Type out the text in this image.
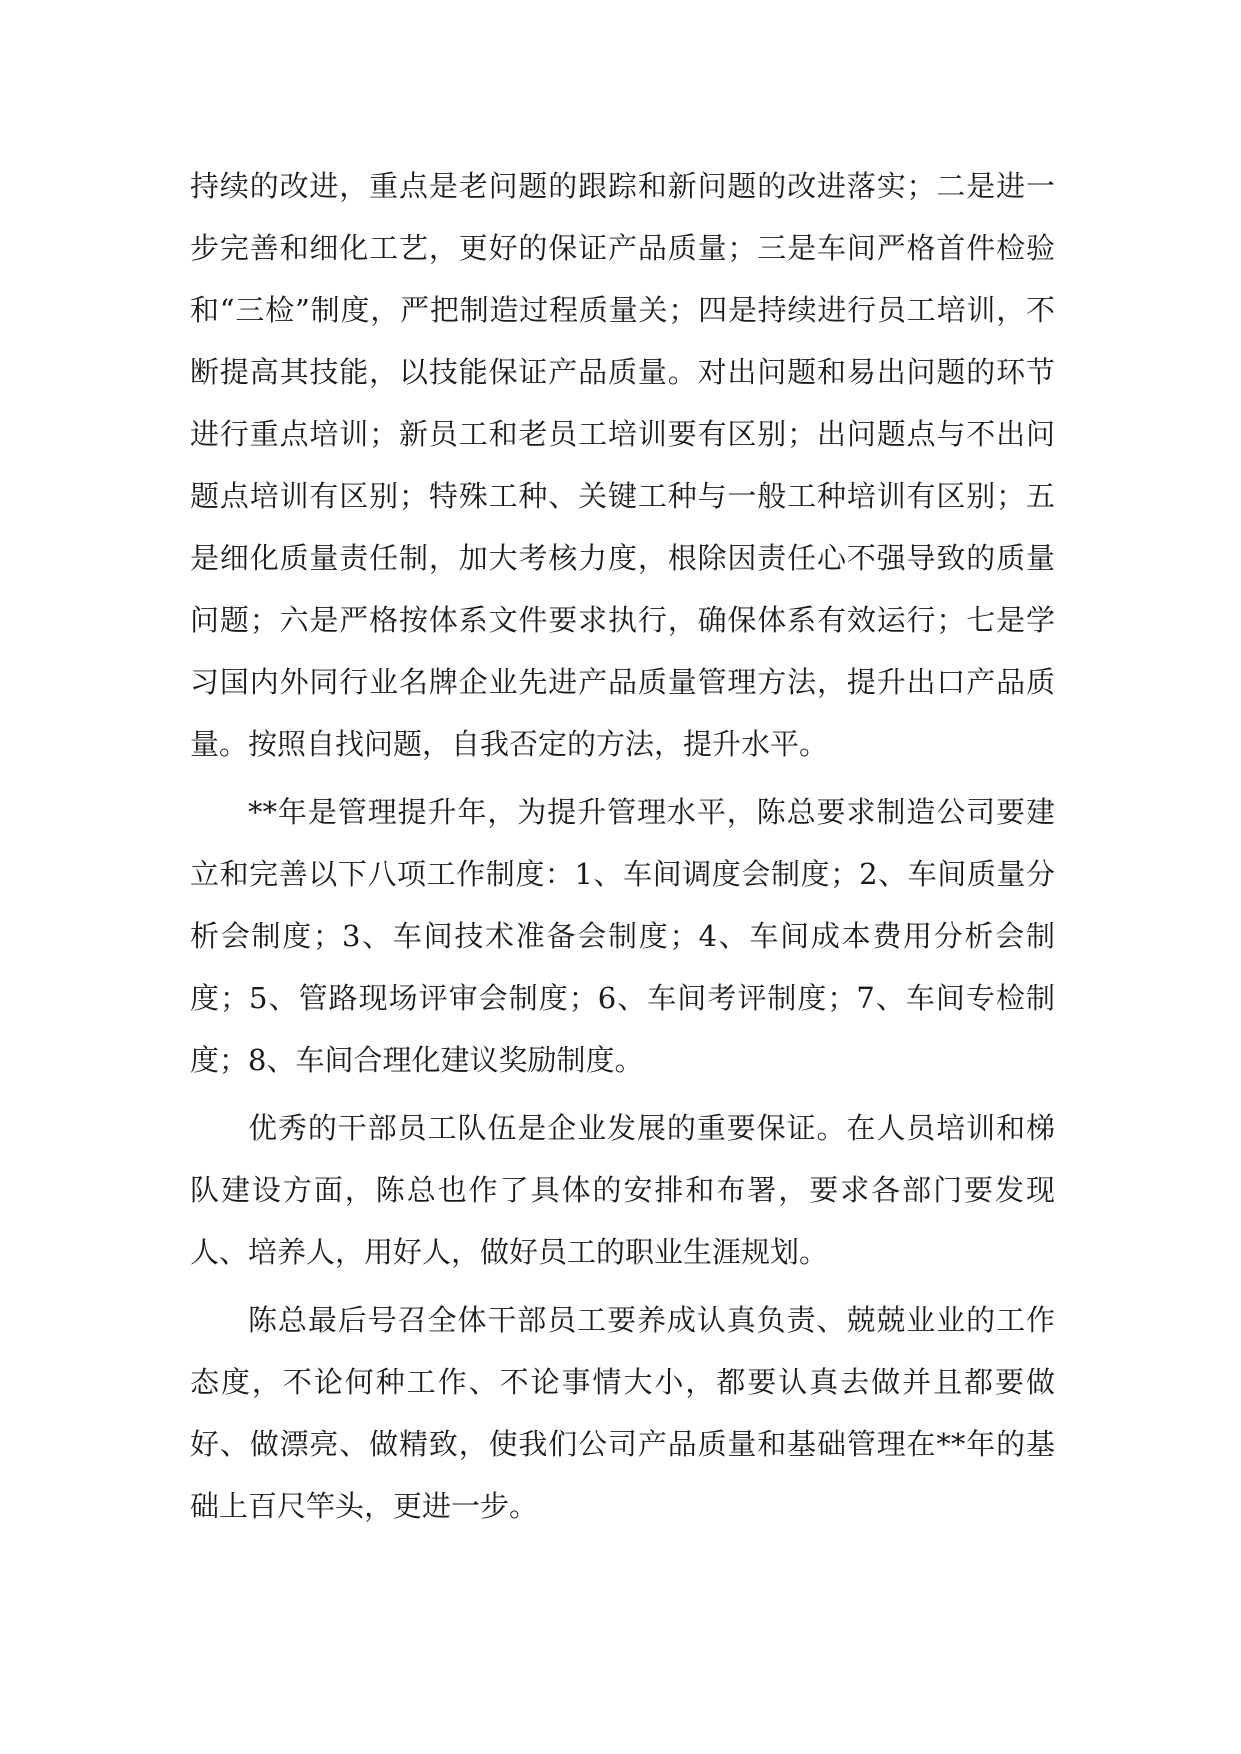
持续的改进，重点是老问题的跟踪和新问题的改进落实；二是进一步完善和细化工艺，更好的保证产品质量；三是车间严格首件检验和“三检”制度，严把制造过程质量关；四是持续进行员工培训，不断提高其技能，以技能保证产品质量。对出问题和易出问题的环节进行重点培训；新员工和老员工培训要有区别；出问题点与不出问题点培训有区别；特殊工种、关键工种与一般工种培训有区别；五是细化质量责任制，加大考核力度，根除因责任心不强导致的质量问题；六是严格按体系文件要求执行，确保体系有效运行；七是学习国内外同行业名牌企业先进产品质量管理方法，提升出口产品质量。按照自找问题，自我否定的方法，提升水平。

**年是管理提升年，为提升管理水平，陈总要求制造公司要建立和完善以下八项工作制度：1、车间调度会制度；2、车间质量分析会制度；3、车间技术准备会制度；4、车间成本费用分析会制度；5、管路现场评审会制度；6、车间考评制度；7、车间专检制度；8、车间合理化建议奖励制度。

优秀的干部员工队伍是企业发展的重要保证。在人员培训和梯队建设方面，陈总也作了具体的安排和布署，要求各部门要发现人、培养人，用好人，做好员工的职业生涯规划。

陈总最后号召全体干部员工要养成认真负责、兢兢业业的工作态度，不论何种工作、不论事情大小，都要认真去做并且都要做好、做漂亮、做精致，使我们公司产品质量和基础管理在**年的基础上百尺竿头，更进一步。
